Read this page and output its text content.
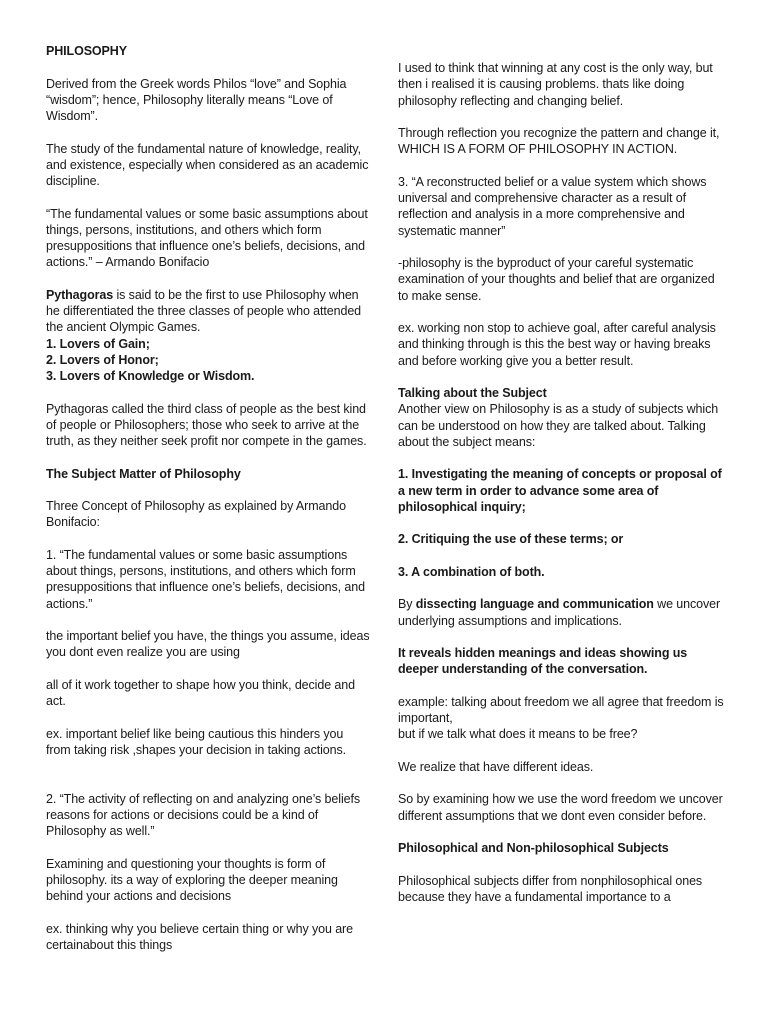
PHILOSOPHY
Derived from the Greek words Philos “love” and Sophia “wisdom”; hence, Philosophy literally means “Love of Wisdom”.
The study of the fundamental nature of knowledge, reality, and existence, especially when considered as an academic discipline.
“The fundamental values or some basic assumptions about things, persons, institutions, and others which form presuppositions that influence one’s beliefs, decisions, and actions.” – Armando Bonifacio
Pythagoras is said to be the first to use Philosophy when he differentiated the three classes of people who attended the ancient Olympic Games.
1. Lovers of Gain;
2. Lovers of Honor;
3. Lovers of Knowledge or Wisdom.
Pythagoras called the third class of people as the best kind of people or Philosophers; those who seek to arrive at the truth, as they neither seek profit nor compete in the games.
The Subject Matter of Philosophy
Three Concept of Philosophy as explained by Armando Bonifacio:
1. “The fundamental values or some basic assumptions about things, persons, institutions, and others which form presuppositions that influence one’s beliefs, decisions, and actions.”
the important belief you have, the things you assume, ideas you dont even realize you are using
all of it work together to shape how you think, decide and act.
ex. important belief like being cautious this hinders you from taking risk ,shapes your decision in taking actions.
2. “The activity of reflecting on and analyzing one’s beliefs reasons for actions or decisions could be a kind of Philosophy as well.”
Examining and questioning your thoughts is form of philosophy. its a way of exploring the deeper meaning behind your actions and decisions
ex. thinking why you believe certain thing or why you are certainabout this things
I used to think that winning at any cost is the only way, but then i realised it is causing problems. thats like doing philosophy reflecting and changing belief.
Through reflection you recognize the pattern and change it, WHICH IS A FORM OF PHILOSOPHY IN ACTION.
3. “A reconstructed belief or a value system which shows universal and comprehensive character as a result of reflection and analysis in a more comprehensive and systematic manner”
-philosophy is the byproduct of your careful systematic examination of your thoughts and belief that are organized to make sense.
ex. working non stop to achieve goal, after careful analysis and thinking through is this the best way or having breaks and before working give you a better result.
Talking about the Subject
Another view on Philosophy is as a study of subjects which can be understood on how they are talked about. Talking about the subject means:
1. Investigating the meaning of concepts or proposal of a new term in order to advance some area of philosophical inquiry;
2. Critiquing the use of these terms; or
3. A combination of both.
By dissecting language and communication we uncover underlying assumptions and implications.
It reveals hidden meanings and ideas showing us deeper understanding of the conversation.
example: talking about freedom we all agree that freedom is important,
but if we talk what does it means to be free?
We realize that have different ideas.
So by examining how we use the word freedom we uncover different assumptions that we dont even consider before.
Philosophical and Non-philosophical Subjects
Philosophical subjects differ from nonphilosophical ones because they have a fundamental importance to a
